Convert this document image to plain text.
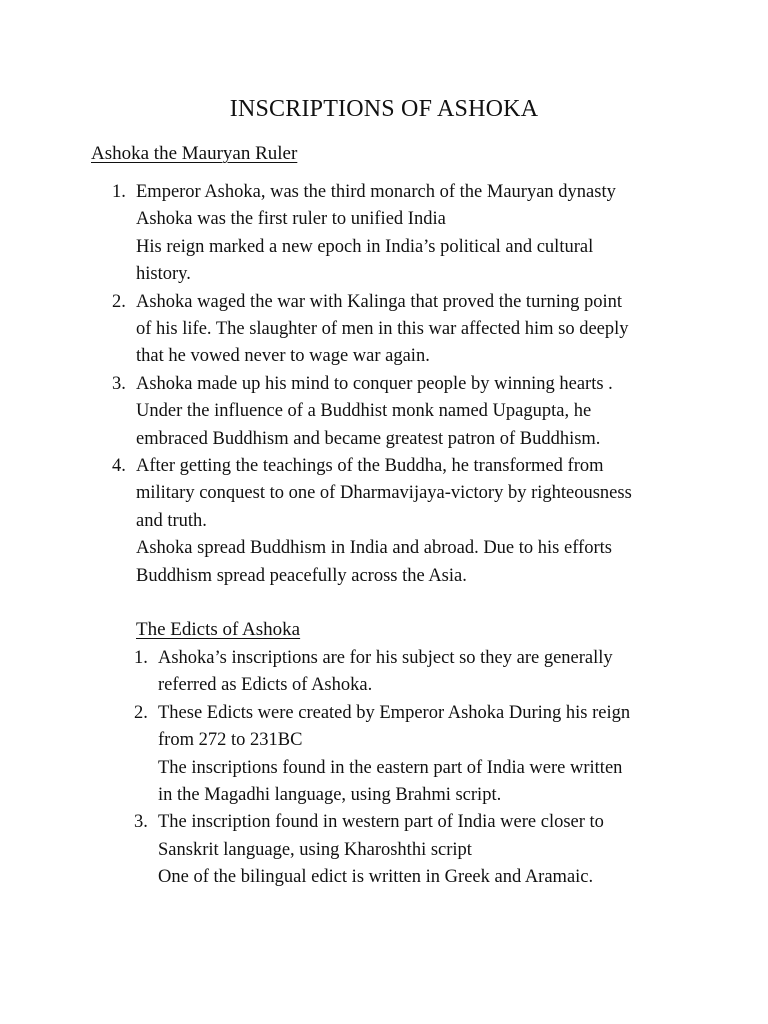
INSCRIPTIONS OF ASHOKA
Ashoka the Mauryan Ruler
1. Emperor Ashoka, was the third monarch of the Mauryan dynasty
Ashoka was the first ruler to unified India
His reign marked a new epoch in India’s political and cultural
history.
2. Ashoka waged the war with Kalinga that proved the turning point
of his life. The slaughter of men in this war affected him so deeply
that he vowed never to wage war again.
3. Ashoka made up his mind to conquer people by winning hearts .
Under the influence of a Buddhist monk named Upagupta, he
embraced Buddhism and became greatest patron of Buddhism.
4. After getting the teachings of the Buddha, he transformed from
military conquest to one of Dharmavijaya-victory by righteousness
and truth.
Ashoka spread Buddhism in India and abroad. Due to his efforts
Buddhism spread peacefully across the Asia.
The Edicts of Ashoka
1. Ashoka’s inscriptions are for his subject so they are generally
referred as Edicts of Ashoka.
2. These Edicts were created by Emperor Ashoka During his reign
from 272 to 231BC
The inscriptions found in the eastern part of India were written
in the Magadhi language, using Brahmi script.
3. The inscription found in western part of India were closer to
Sanskrit language, using Kharoshthi script
One of the bilingual edict is written in Greek and Aramaic.
